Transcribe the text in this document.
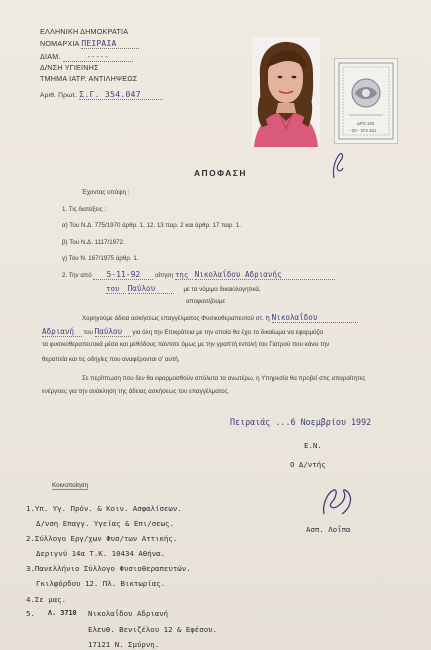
ΕΛΛΗΝΙΚΗ ΔΗΜΟΚΡΑΤΙΑ
ΝΟΜΑΡΧΙΑ ΠΕΙΡΑΙΑ
ΔΙΑΜ.	-----
Δ/ΝΣΗ ΥΓΙΕΙΝΗΣ
ΤΜΗΜΑ ΙΑΤΡ. ΑΝΤΙΛΗΨΕΩΣ
Αριθ. Πρωτ. Σ.Γ. 354.047
ΔΡΧ.150
- 00 - 374 451
ΑΠΟΦΑΣΗ
Έχοντας υπόψη :
1. Τις διατάξεις :
α) Του Ν.Δ. 775/1970 άρθρ. 1, 12, 13 παρ. 2 και άρθρ. 17 παρ. 1.
β) Του Ν.Δ. 1117/1972.
γ) Του Ν. 167/1975 άρθρ. 1.
2. Την από 5-11-92 αίτηση της Νικολαΐδου Αδριανής
του Παύλου	με τα νόμιμα δικαιολογητικά,
αποφασίζουμε
Χορηγούμε άδεια ασκήσεως επαγγέλματος Φυσικοθεραπευτού στ. η Νικολαΐδου
Αδριανή του Παύλου για όλη την Επικράτεια με την οποία θα έχει το δικαίωμα να εφαρμόζει
τα φυσικοθεραπευτικά μέσα και μεθόδους πάντοτε όμως με την γραπτή εντολή του Γιατρού που κάνει την
θεραπεία και τις οδηγίες που αναφέρονται σ' αυτή.
Σε περίπτωση που δεν θα εφαρμοσθούν απόλυτα τα ανωτέρω, η Υπηρεσία θα προβεί στις απαραίτητες
ενέργειες για την ανάκληση της άδειας ασκήσεως του επαγγέλματος.
Πειραιάς ...6 Νοεμβρίου 1992
Ε.Ν.
Ο Δ/ντής
Ασπ. Λοΐπα
Κοινοποίηση
1.Υπ. Υγ. Πρόν. & Κοιν. Ασφαλίσεων.
Δ/νση Επαγγ. Υγείας & Επι/σεως.
2.Σύλλογο Εργ/χων Φυσ/των Αττικής.
Δεριγνύ 14α Τ.Κ. 10434 Αθήνα.
3.Πανελλήνιο Σύλλογο Φυσιοθεραπευτών.
Γκιλφόρδου 12. Πλ. Βικτωρίας.
4.Σε μας.
5. Λ. 3710 Νικολαΐδου Αδριανή
Ελευθ. Βενιζέλου 12 & Εφέσου.
17121 Ν. Σμύρνη.
